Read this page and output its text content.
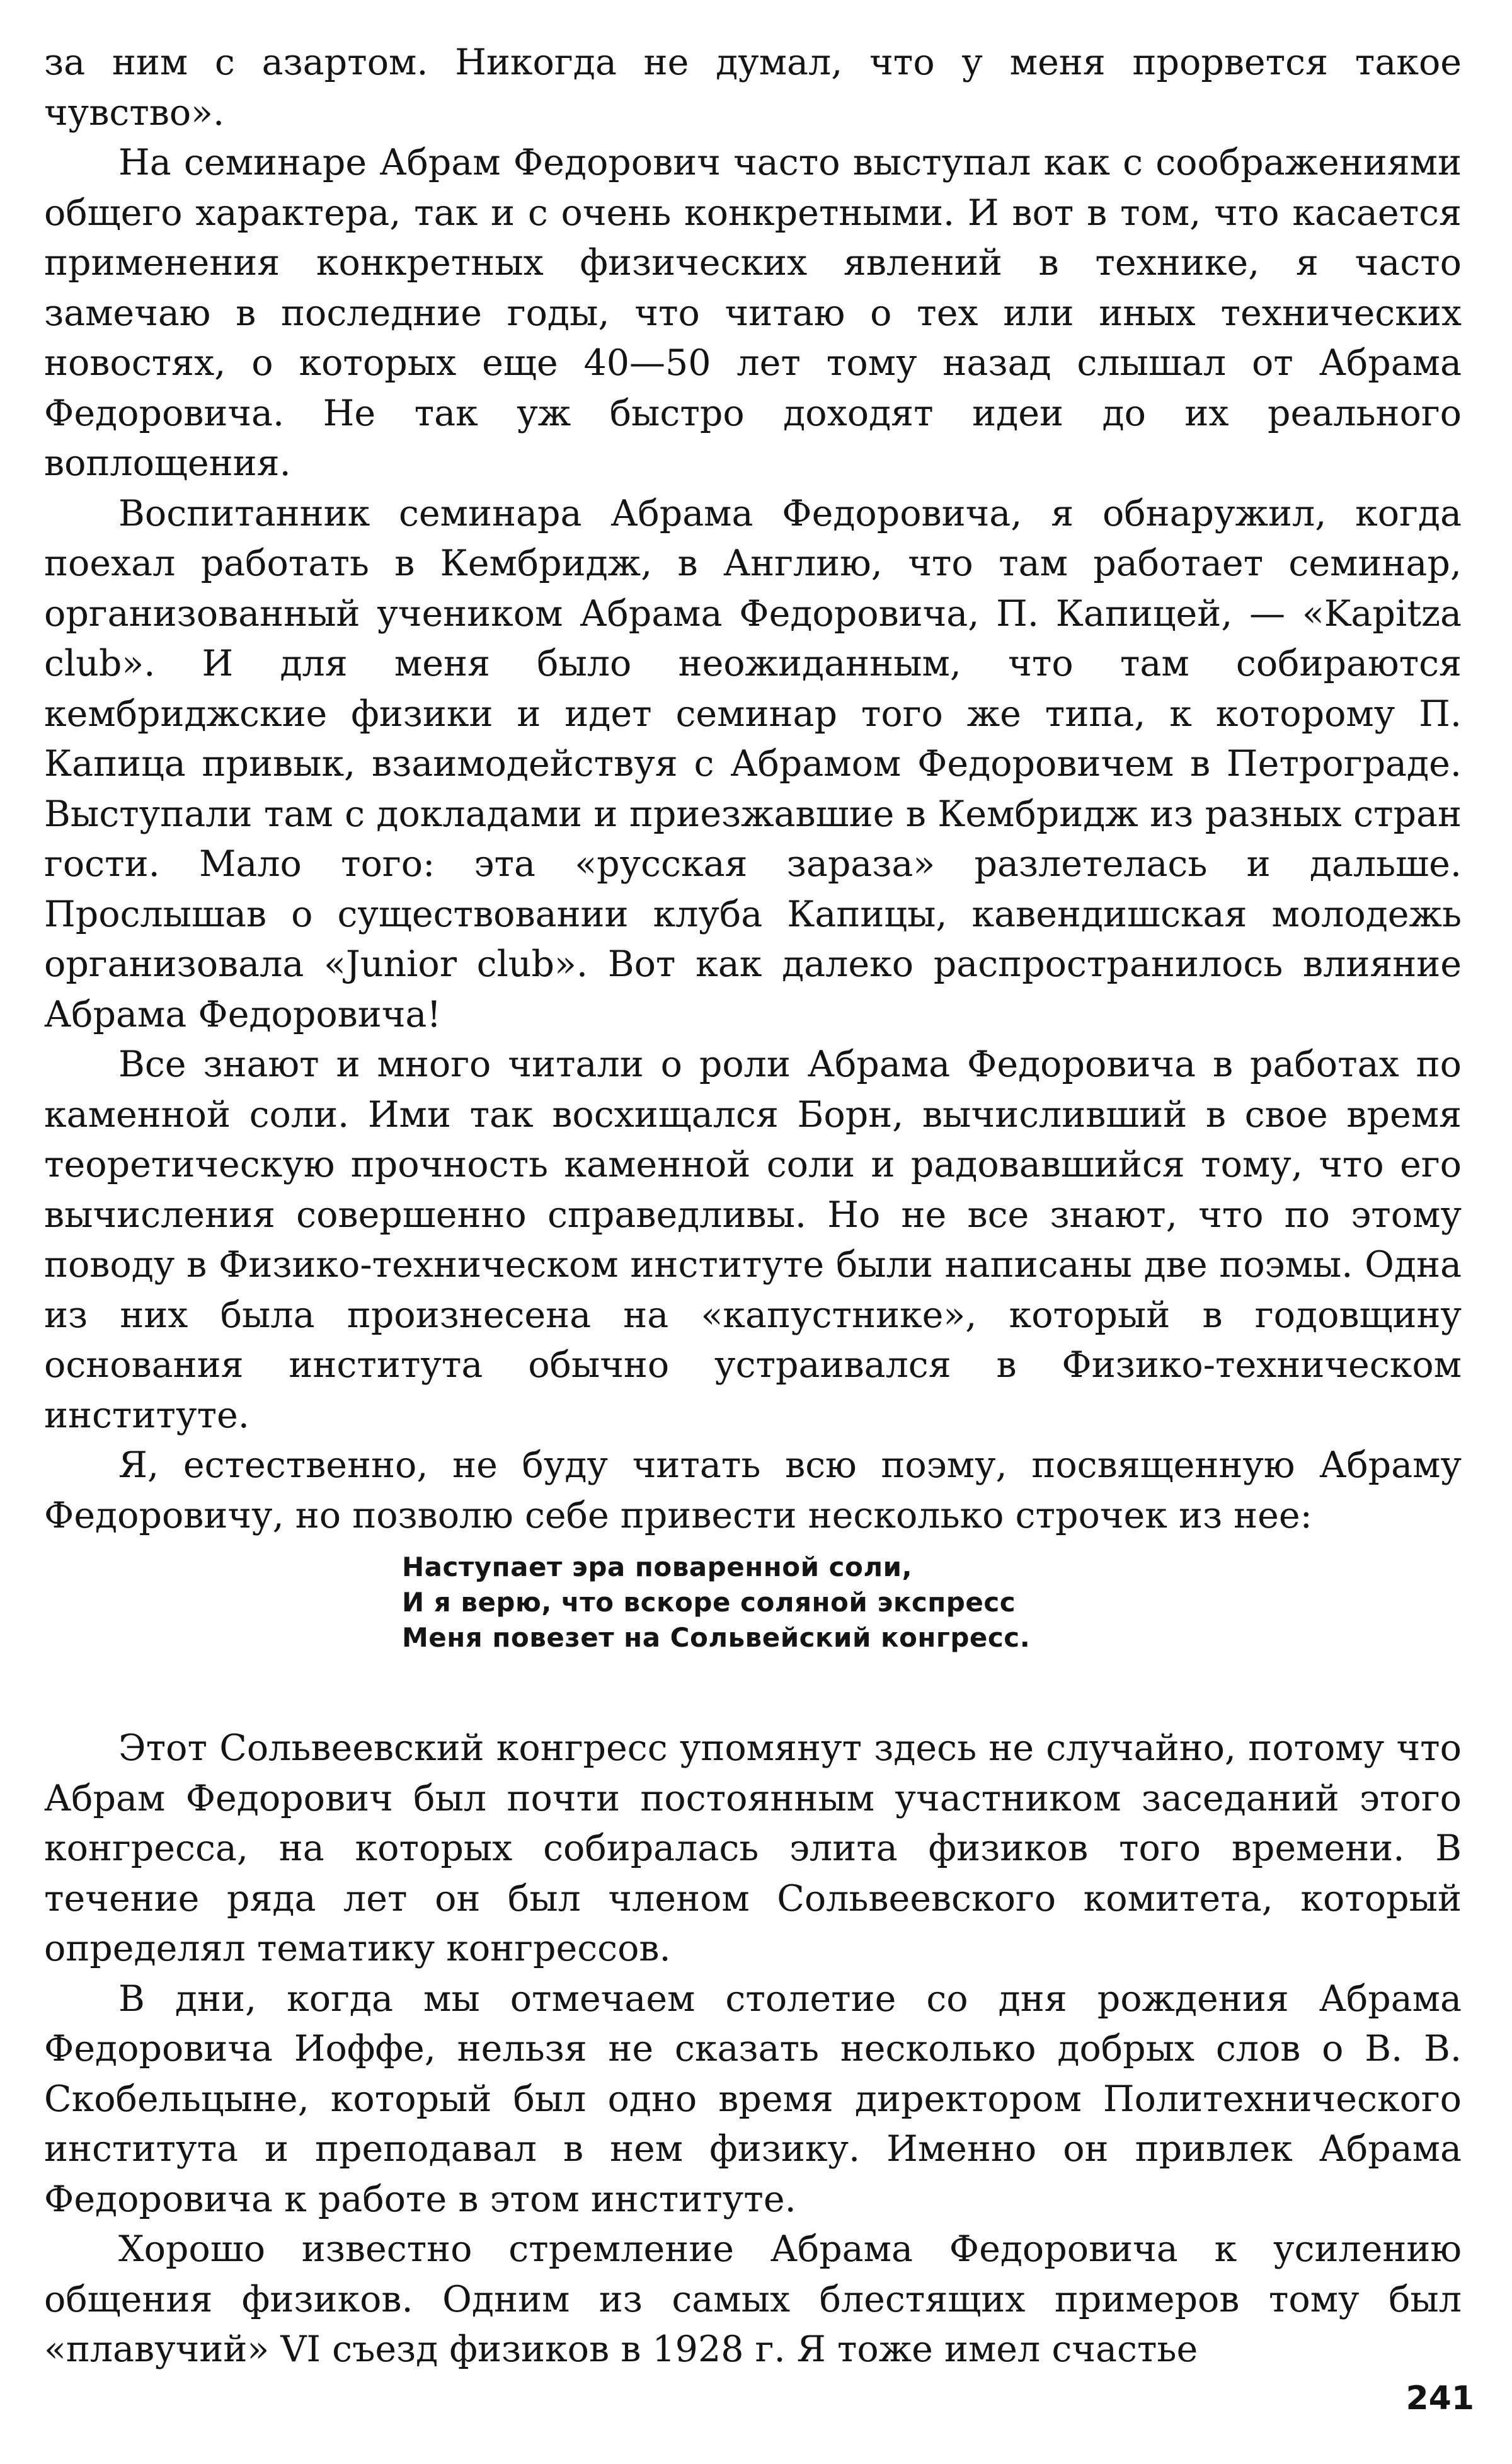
за ним с азартом. Никогда не думал, что у меня прорвется такое чувство».

На семинаре Абрам Федорович часто выступал как с соображениями общего характера, так и с очень конкретными. И вот в том, что касается применения конкретных физических явлений в технике, я часто замечаю в последние годы, что читаю о тех или иных технических новостях, о которых еще 40—50 лет тому назад слышал от Абрама Федоровича. Не так уж быстро доходят идеи до их реального воплощения.

Воспитанник семинара Абрама Федоровича, я обнаружил, когда поехал работать в Кембридж, в Англию, что там работает семинар, организованный учеником Абрама Федоровича, П. Капицей, — «Kapitza club». И для меня было неожиданным, что там собираются кембриджские физики и идет семинар того же типа, к которому П. Капица привык, взаимодействуя с Абрамом Федоровичем в Петрограде. Выступали там с докладами и приезжавшие в Кембридж из разных стран гости. Мало того: эта «русская зараза» разлетелась и дальше. Прослышав о существовании клуба Капицы, кавендишская молодежь организовала «Junior club». Вот как далеко распространилось влияние Абрама Федоровича!

Все знают и много читали о роли Абрама Федоровича в работах по каменной соли. Ими так восхищался Борн, вычисливший в свое время теоретическую прочность каменной соли и радовавшийся тому, что его вычисления совершенно справедливы. Но не все знают, что по этому поводу в Физико-техническом институте были написаны две поэмы. Одна из них была произнесена на «капустнике», который в годовщину основания института обычно устраивался в Физико-техническом институте.

Я, естественно, не буду читать всю поэму, посвященную Абраму Федоровичу, но позволю себе привести несколько строчек из нее:

Наступает эра поваренной соли,
И я верю, что вскоре соляной экспресс
Меня повезет на Сольвейский конгресс.

Этот Сольвеевский конгресс упомянут здесь не случайно, потому что Абрам Федорович был почти постоянным участником заседаний этого конгресса, на которых собиралась элита физиков того времени. В течение ряда лет он был членом Сольвеевского комитета, который определял тематику конгрессов.

В дни, когда мы отмечаем столетие со дня рождения Абрама Федоровича Иоффе, нельзя не сказать несколько добрых слов о В. В. Скобельцыне, который был одно время директором Политехнического института и преподавал в нем физику. Именно он привлек Абрама Федоровича к работе в этом институте.

Хорошо известно стремление Абрама Федоровича к усилению общения физиков. Одним из самых блестящих примеров тому был «плавучий» VI съезд физиков в 1928 г. Я тоже имел счастье

241
